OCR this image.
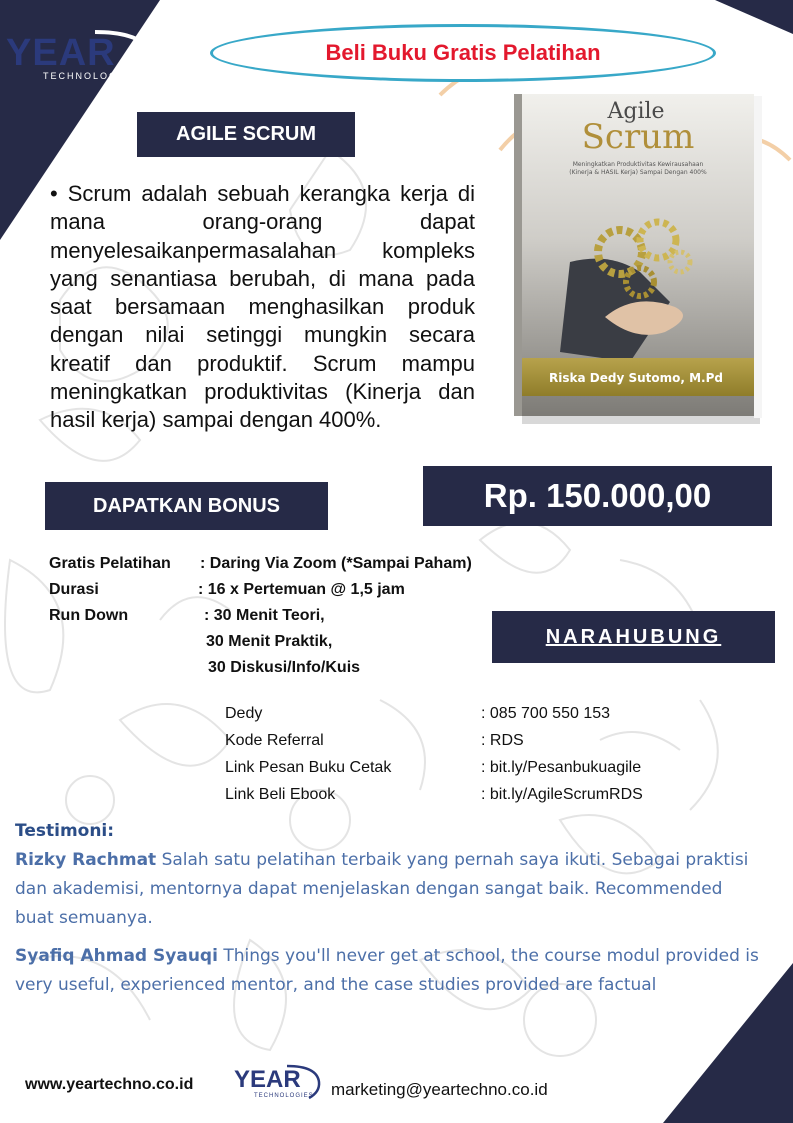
YEAR
TECHNOLOGIES
Beli Buku Gratis Pelatihan
AGILE SCRUM
• Scrum adalah sebuah kerangka kerja di mana orang-orang dapat menyelesaikanpermasalahan kompleks yang senantiasa berubah, di mana pada saat bersamaan menghasilkan produk dengan nilai setinggi mungkin secara kreatif dan produktif. Scrum mampu meningkatkan produktivitas (Kinerja dan hasil kerja) sampai dengan 400%.
Agile
Scrum
Meningkatkan Produktivitas Kewirausahaan
(Kinerja & HASIL Kerja) Sampai Dengan 400%
Riska Dedy Sutomo, M.Pd
DAPATKAN BONUS	Rp. 150.000,00
Gratis Pelatihan : Daring Via Zoom (*Sampai Paham)
Durasi	: 16 x Pertemuan @ 1,5 jam
Run Down	: 30 Menit Teori,
30 Menit Praktik,
30 Diskusi/Info/Kuis
NARAHUBUNG
Dedy	: 085 700 550 153
Kode Referral	: RDS
Link Pesan Buku Cetak	: bit.ly/Pesanbukuagile
Link Beli Ebook	: bit.ly/AgileScrumRDS
Testimoni:

Rizky Rachmat Salah satu pelatihan terbaik yang pernah saya ikuti. Sebagai praktisi dan akademisi, mentornya dapat menjelaskan dengan sangat baik. Recommended buat semuanya.

Syafiq Ahmad Syauqi Things you'll never get at school, the course modul provided is very useful, experienced mentor, and the case studies provided are factual

www.yeartechno.co.id YEAR
TECHNOLOGIES marketing@yeartechno.co.id
